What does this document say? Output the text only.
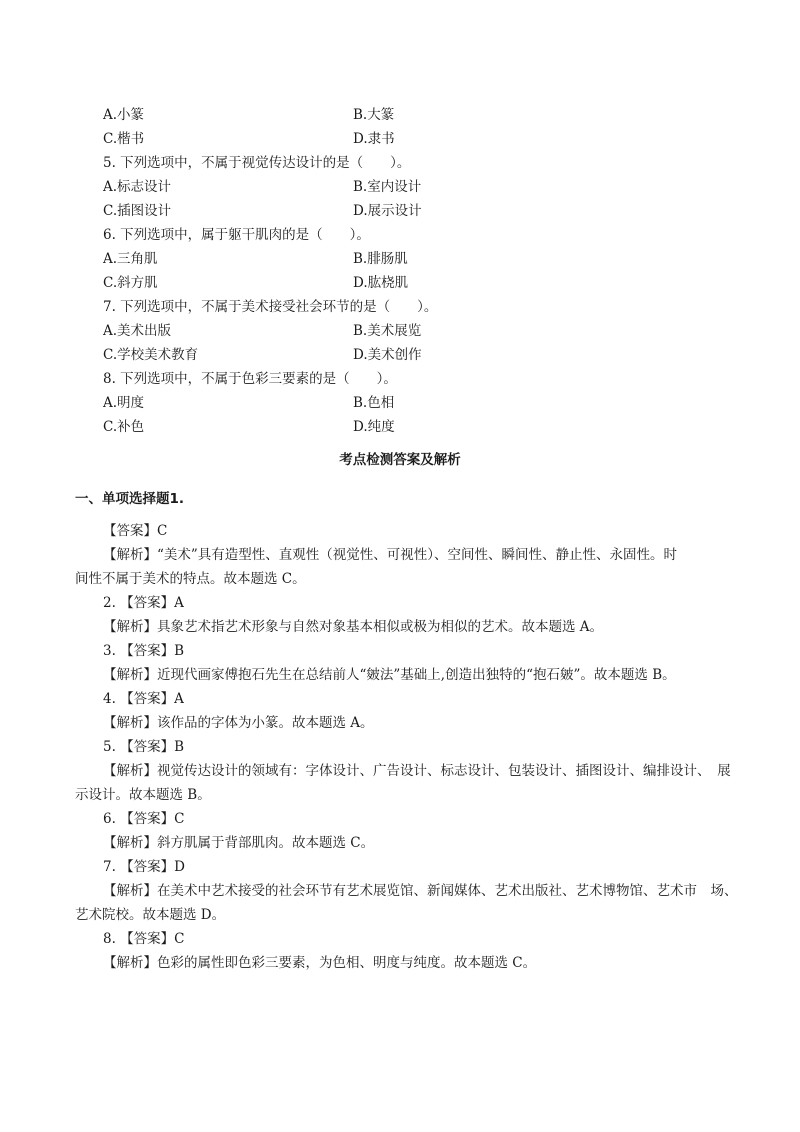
A.小篆	B.大篆
C.楷书	D.隶书
5. 下列选项中，不属于视觉传达设计的是（　　）。
A.标志设计	B.室内设计
C.插图设计	D.展示设计
6. 下列选项中，属于躯干肌肉的是（　　）。
A.三角肌	B.腓肠肌
C.斜方肌	D.肱桡肌
7. 下列选项中，不属于美术接受社会环节的是（　　）。
A.美术出版	B.美术展览
C.学校美术教育	D.美术创作
8. 下列选项中，不属于色彩三要素的是（　　）。
A.明度	B.色相
C.补色	D.纯度
考点检测答案及解析
一、单项选择题1.
【答案】C
【解析】“美术”具有造型性、直观性（视觉性、可视性）、空间性、瞬间性、静止性、永固性。时
间性不属于美术的特点。故本题选 C。
2. 【答案】A
【解析】具象艺术指艺术形象与自然对象基本相似或极为相似的艺术。故本题选 A。
3. 【答案】B
【解析】近现代画家傅抱石先生在总结前人“皴法”基础上,创造出独特的“抱石皴”。故本题选 B。
4. 【答案】A
【解析】该作品的字体为小篆。故本题选 A。
5. 【答案】B
【解析】视觉传达设计的领域有：字体设计、广告设计、标志设计、包装设计、插图设计、编排设计、　展
示设计。故本题选 B。
6. 【答案】C
【解析】斜方肌属于背部肌肉。故本题选 C。
7. 【答案】D
【解析】在美术中艺术接受的社会环节有艺术展览馆、新闻媒体、艺术出版社、艺术博物馆、艺术市　场、
艺术院校。故本题选 D。
8. 【答案】C
【解析】色彩的属性即色彩三要素，为色相、明度与纯度。故本题选 C。
